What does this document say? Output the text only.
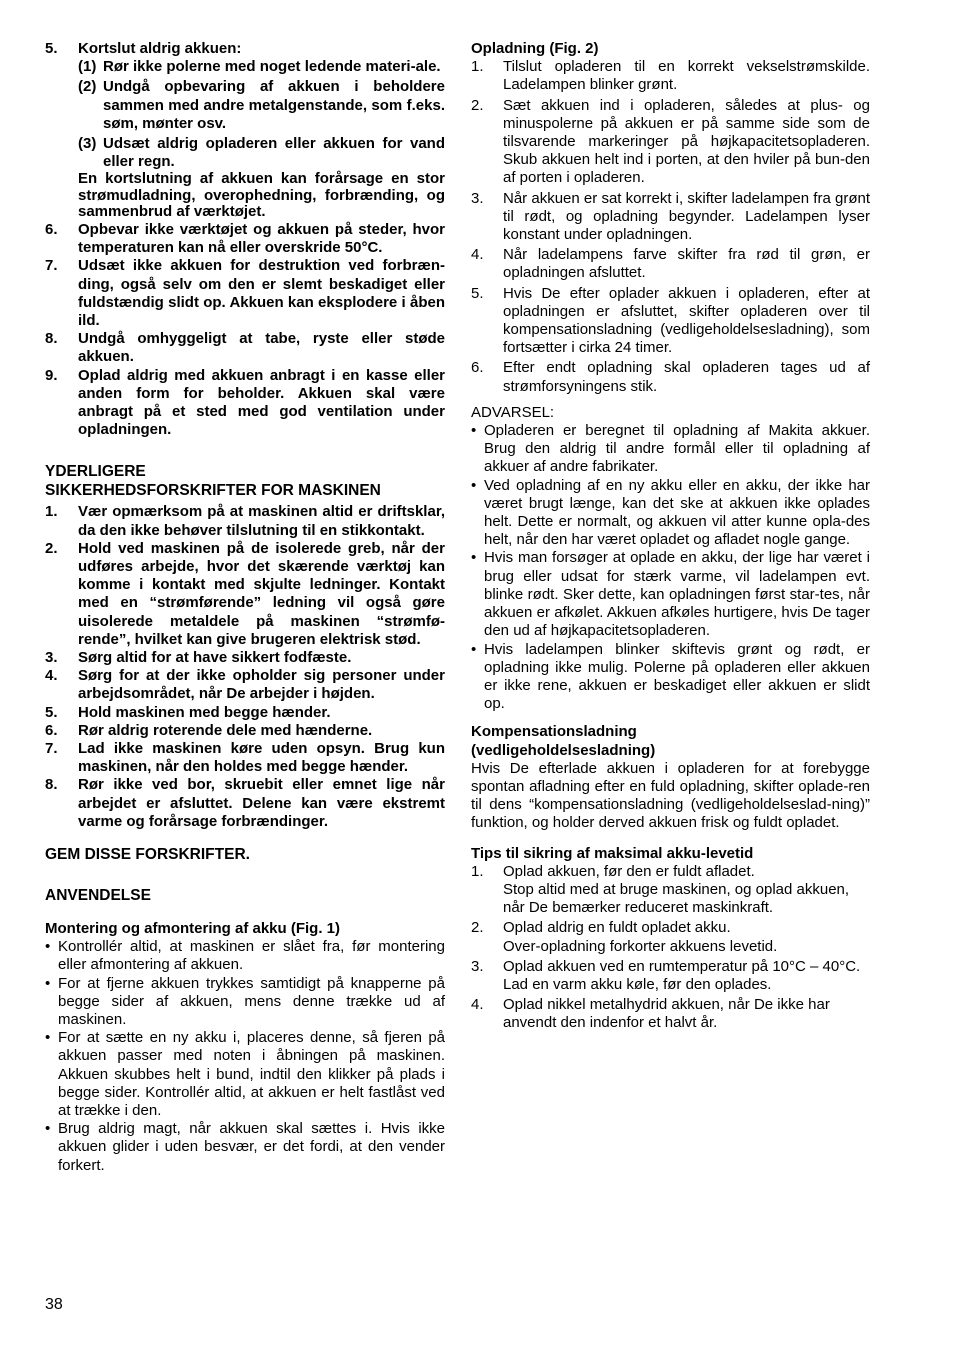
5.	Kortslut aldrig akkuen:
(1) Rør ikke polerne med noget ledende materi-ale.
(2) Undgå opbevaring af akkuen i beholdere sammen med andre metalgenstande, som f.eks. søm, mønter osv.
(3) Udsæt aldrig opladeren eller akkuen for vand eller regn.
En kortslutning af akkuen kan forårsage en stor strømudladning, overophedning, forbrænding, og sammenbrud af værktøjet.
6.	Opbevar ikke værktøjet og akkuen på steder, hvor temperaturen kan nå eller overskride 50°C.
7.	Udsæt ikke akkuen for destruktion ved forbræn-ding, også selv om den er slemt beskadiget eller fuldstændig slidt op. Akkuen kan eksplodere i åben ild.
8.	Undgå omhyggeligt at tabe, ryste eller støde akkuen.
9.	Oplad aldrig med akkuen anbragt i en kasse eller anden form for beholder. Akkuen skal være anbragt på et sted med god ventilation under opladningen.
YDERLIGERE
SIKKERHEDSFORSKRIFTER FOR MASKINEN
1.	Vær opmærksom på at maskinen altid er driftsklar, da den ikke behøver tilslutning til en stikkontakt.
2.	Hold ved maskinen på de isolerede greb, når der udføres arbejde, hvor det skærende værktøj kan komme i kontakt med skjulte ledninger. Kontakt med en “strømførende” ledning vil også gøre uisolerede metaldele på maskinen “strømfø-rende”, hvilket kan give brugeren elektrisk stød.
3.	Sørg altid for at have sikkert fodfæste.
4.	Sørg for at der ikke opholder sig personer under arbejdsområdet, når De arbejder i højden.
5.	Hold maskinen med begge hænder.
6.	Rør aldrig roterende dele med hænderne.
7.	Lad ikke maskinen køre uden opsyn. Brug kun maskinen, når den holdes med begge hænder.
8.	Rør ikke ved bor, skruebit eller emnet lige når arbejdet er afsluttet. Delene kan være ekstremt varme og forårsage forbrændinger.
GEM DISSE FORSKRIFTER.
ANVENDELSE
Montering og afmontering af akku (Fig. 1)
• Kontrollér altid, at maskinen er slået fra, før montering eller afmontering af akkuen.
• For at fjerne akkuen trykkes samtidigt på knapperne på begge sider af akkuen, mens denne trække ud af maskinen.
• For at sætte en ny akku i, placeres denne, så fjeren på akkuen passer med noten i åbningen på maskinen. Akkuen skubbes helt i bund, indtil den klikker på plads i begge sider. Kontrollér altid, at akkuen er helt fastlåst ved at trække i den.
• Brug aldrig magt, når akkuen skal sættes i. Hvis ikke akkuen glider i uden besvær, er det fordi, at den vender forkert.
Opladning (Fig. 2)
1.	Tilslut opladeren til en korrekt vekselstrømskilde. Ladelampen blinker grønt.
2.	Sæt akkuen ind i opladeren, således at plus- og minuspolerne på akkuen er på samme side som de tilsvarende markeringer på højkapacitetsopladeren. Skub akkuen helt ind i porten, at den hviler på bun-den af porten i opladeren.
3.	Når akkuen er sat korrekt i, skifter ladelampen fra grønt til rødt, og opladning begynder. Ladelampen lyser konstant under opladningen.
4.	Når ladelampens farve skifter fra rød til grøn, er opladningen afsluttet.
5.	Hvis De efter oplader akkuen i opladeren, efter at opladningen er afsluttet, skifter opladeren over til kompensationsladning (vedligeholdelsesladning), som fortsætter i cirka 24 timer.
6.	Efter endt opladning skal opladeren tages ud af strømforsyningens stik.
ADVARSEL:
• Opladeren er beregnet til opladning af Makita akkuer. Brug den aldrig til andre formål eller til opladning af akkuer af andre fabrikater.
• Ved opladning af en ny akku eller en akku, der ikke har været brugt længe, kan det ske at akkuen ikke oplades helt. Dette er normalt, og akkuen vil atter kunne opla-des helt, når den har været opladet og afladet nogle gange.
• Hvis man forsøger at oplade en akku, der lige har været i brug eller udsat for stærk varme, vil ladelampen evt. blinke rødt. Sker dette, kan opladningen først star-tes, når akkuen er afkølet. Akkuen afkøles hurtigere, hvis De tager den ud af højkapacitetsopladeren.
• Hvis ladelampen blinker skiftevis grønt og rødt, er opladning ikke mulig. Polerne på opladeren eller akkuen er ikke rene, akkuen er beskadiget eller akkuen er slidt op.
Kompensationsladning
(vedligeholdelsesladning)
Hvis De efterlade akkuen i opladeren for at forebygge spontan afladning efter en fuld opladning, skifter oplade-ren til dens “kompensationsladning (vedligeholdelseslad-ning)” funktion, og holder derved akkuen frisk og fuldt opladet.
Tips til sikring af maksimal akku-levetid
1.	Oplad akkuen, før den er fuldt afladet.
Stop altid med at bruge maskinen, og oplad akkuen, når De bemærker reduceret maskinkraft.
2.	Oplad aldrig en fuldt opladet akku.
Over-opladning forkorter akkuens levetid.
3.	Oplad akkuen ved en rumtemperatur på 10°C – 40°C.
Lad en varm akku køle, før den oplades.
4.	Oplad nikkel metalhydrid akkuen, når De ikke har anvendt den indenfor et halvt år.
38
